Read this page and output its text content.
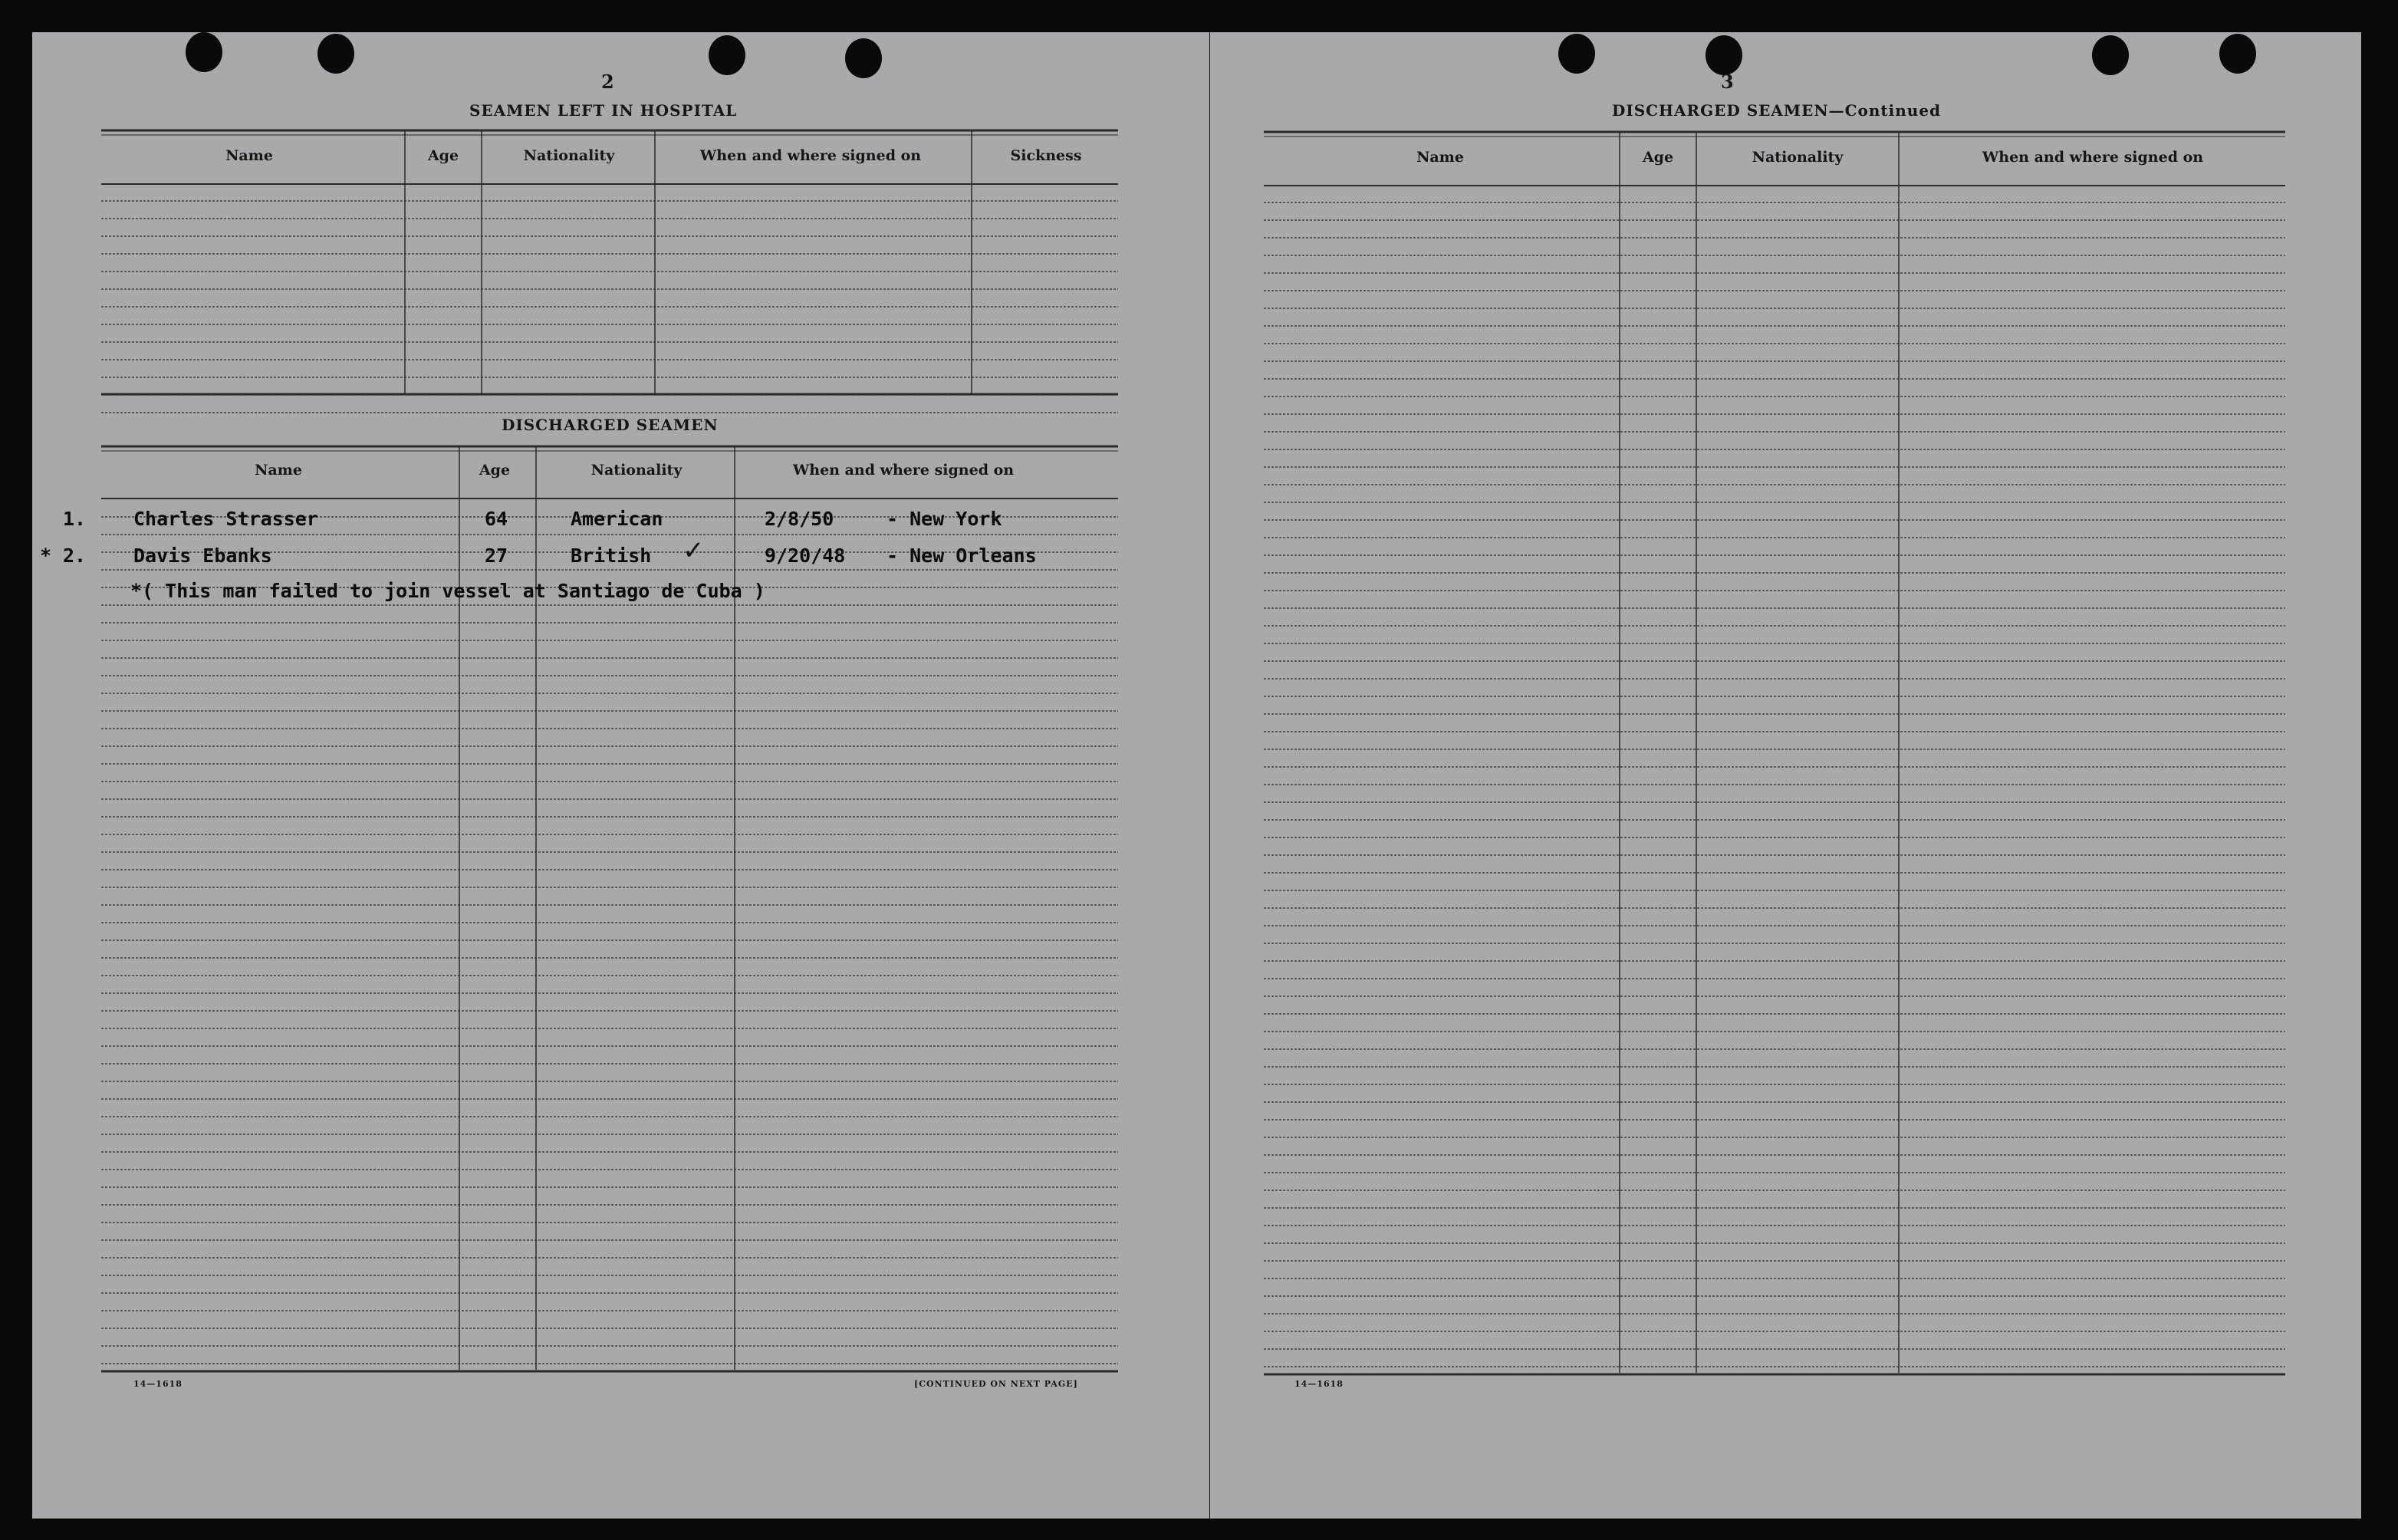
2
SEAMEN LEFT IN HOSPITAL
Name	Age	Nationality	When and where signed on	Sickness
DISCHARGED SEAMEN
Name	Age	Nationality	When and where signed on
1. Charles Strasser	64	American	2/8/50	- New York
* 2. Davis Ebanks	27	British ✓	9/20/48 - New Orleans
*( This man failed to join vessel at Santiago de Cuba )
14—1618	[CONTINUED ON NEXT PAGE]
3
DISCHARGED SEAMEN—Continued
Name	Age	Nationality	When and where signed on
14—1618
